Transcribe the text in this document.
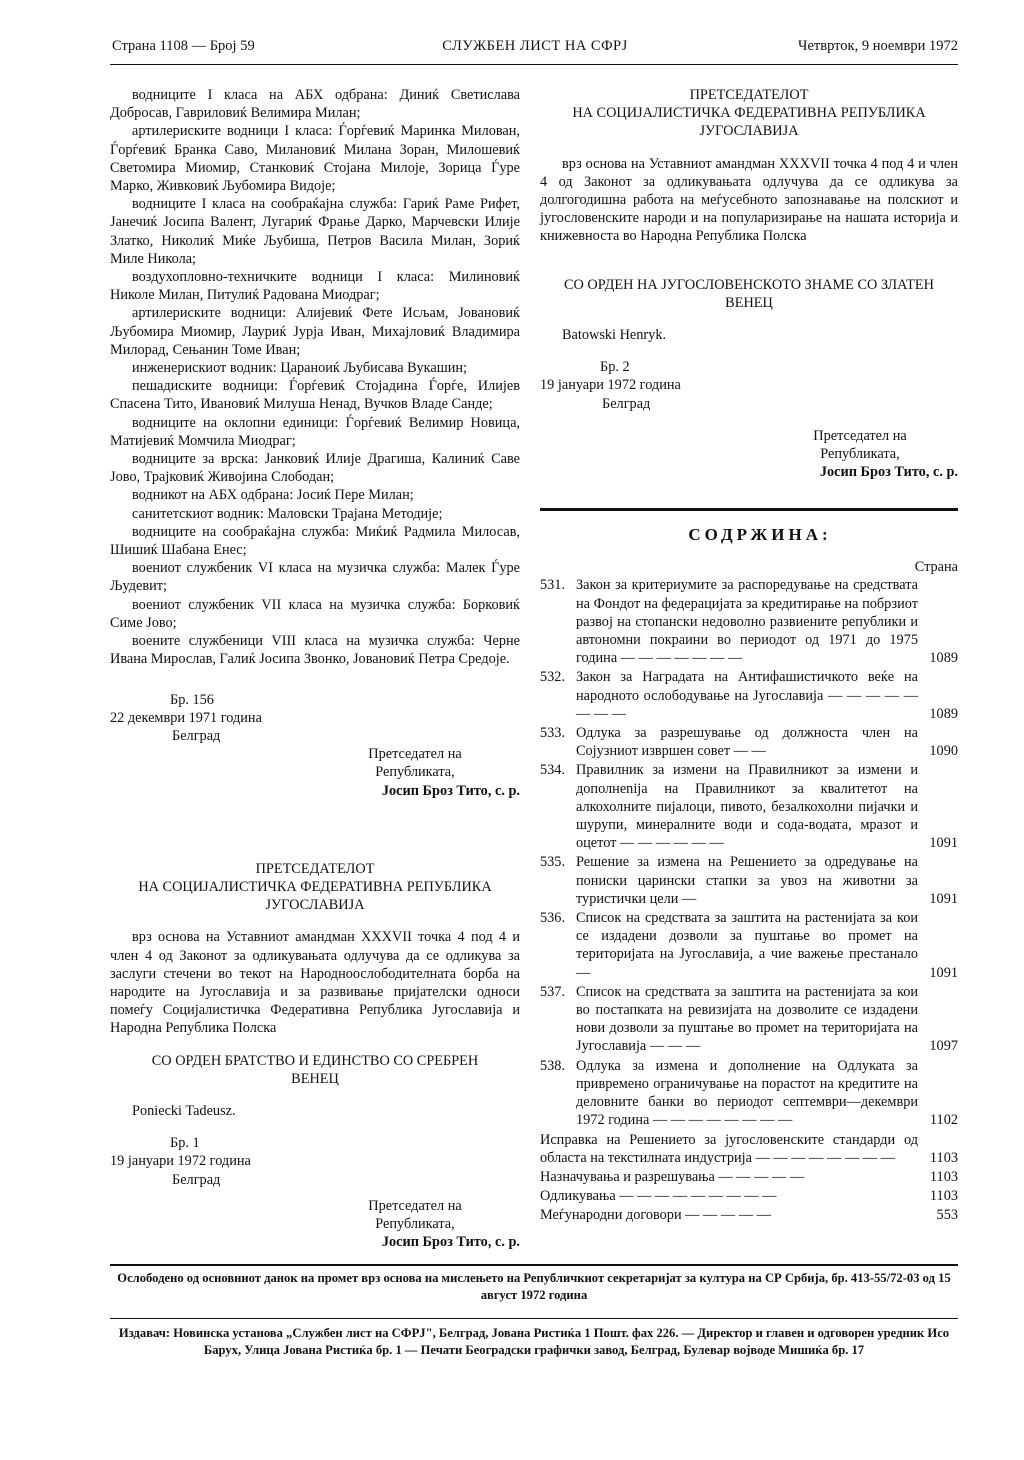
Страна 1108 — Број 59	СЛУЖБЕН ЛИСТ НА СФРЈ	Четврток, 9 ноември 1972

водниците I класа на АБХ одбрана: Диниќ Светислава Добросав, Гавриловиќ Велимира Милан;

артилериските водници I класа: Ѓорѓевиќ Маринка Милован, Ѓорѓевиќ Бранка Саво, Милановиќ Милана Зоран, Милошевиќ Светомира Миомир, Станковиќ Стојана Милоје, Зорица Ѓуре Марко, Живковиќ Љубомира Видоје;

водниците I класа на сообраќајна служба: Гариќ Раме Рифет, Јанечиќ Јосипа Валент, Лугариќ Фрање Дарко, Марчевски Илије Златко, Николиќ Миќе Љубиша, Петров Васила Милан, Зориќ Миле Никола;

воздухопловно-техничките водници I класа: Милиновиќ Николе Милан, Питулиќ Радована Миодраг;

артилериските водници: Алијевиќ Фете Исљам, Јовановиќ Љубомира Миомир, Лауриќ Јурја Иван, Михајловиќ Владимира Милорад, Сењанин Томе Иван;

инженерискиот водник: Цараноиќ Љубисава Вукашин;

пешадиските водници: Ѓорѓевиќ Стојадина Ѓорѓе, Илијев Спасена Тито, Ивановиќ Милуша Ненад, Вучков Владе Санде;

водниците на оклопни единици: Ѓорѓевиќ Велимир Новица, Матијевиќ Момчила Миодраг;

водниците за врска: Јанковиќ Илије Драгиша, Калиниќ Саве Јово, Трајковиќ Живојина Слободан;

водникот на АБХ одбрана: Јосиќ Пере Милан;

санитетскиот водник: Маловски Трајана Методије;

водниците на сообраќајна служба: Миќиќ Радмила Милосав, Шишиќ Шабана Енес;

воениот службеник VI класа на музичка служба: Малек Ѓуре Људевит;

воениот службеник VII класа на музичка служба: Борковиќ Симе Јово;

воените службеници VIII класа на музичка служба: Черне Ивана Мирослав, Галиќ Јосипа Звонко, Јовановиќ Петра Средоје.

Бр. 156

22 декември 1971 година

Белград

Претседател на

Републиката,

Јосип Броз Тито, с. р.

ПРЕТСЕДАТЕЛОТ

НА СОЦИЈАЛИСТИЧКА ФЕДЕРАТИВНА РЕПУБЛИКА ЈУГОСЛАВИЈА

врз основа на Уставниот амандман XXXVII точка 4 под 4 и член 4 од Законот за одликувањата одлучува да се одликува за заслуги стечени во текот на Народноослободителната борба на народите на Југославија и за развивање пријателски односи помеѓу Социјалистичка Федеративна Република Југославија и Народна Република Полска

СО ОРДЕН БРАТСТВО И ЕДИНСТВО СО СРЕБРЕН ВЕНЕЦ

Poniecki Tadeusz.

Бр. 1

19 јануари 1972 година

Белград

Претседател на

Републиката,

Јосип Броз Тито, с. р.

ПРЕТСЕДАТЕЛОТ

НА СОЦИЈАЛИСТИЧКА ФЕДЕРАТИВНА РЕПУБЛИКА ЈУГОСЛАВИЈА

врз основа на Уставниот амандман XXXVII точка 4 под 4 и член 4 од Законот за одликувањата одлучува да се одликува за долгогодишна работа на меѓусебното запознавање на полскиот и југословенските народи и на популаризирање на нашата историја и книжевноста во Народна Република Полска

СО ОРДЕН НА ЈУГОСЛОВЕНСКОТО ЗНАМЕ СО ЗЛАТЕН ВЕНЕЦ

Batowski Henryk.

Бр. 2

19 јануари 1972 година

Белград

Претседател на

Републиката,

Јосип Броз Тито, с. р.

СОДРЖИНА:

Страна

531. Закон за критериумите за распоредување на средствата на Фондот на федерацијата за кредитирање на побрзиот развој на стопански недоволно развиените републики и автономни покраини во периодот од 1971 до 1975 година — — — — — — —	1089
532. Закон за Наградата на Антифашистичкото веќе на народното ослободување на Југославија — — — — — — — —	1089
533. Одлука за разрешување од должноста член на Сојузниот извршен совет — —	1090
534. Правилник за измени на Правилникот за измени и дополнenija на Правилникот за квалитетот на алкохолните пијалоци, пивото, безалкохолни пијачки и шурупи, минералните води и сода-водата, мразот и оцетот — — — — — —	1091
535. Решение за измена на Решението за одредување на пониски царински стапки за увоз на животни за туристички цели —	1091
536. Список на средствата за заштита на растенијата за кои се издадени дозволи за пуштање во промет на територијата на Југославија, а чие важење престанало —	1091
537. Список на средствата за заштита на растенијата за кои во постапката на ревизијата на дозволите се издадени нови дозволи за пуштање во промет на територијата на Југославија — — —	1097
538. Одлука за измена и дополнение на Одлуката за привремено ограничување на порастот на кредитите на деловните банки во периодот септември—декември 1972 година — — — — — — — —	1102
Исправка на Решението за југословенските стандарди од областа на текстилната индустрија — — — — — — — —	1103
Назначувања и разрешувања — — — — —	1103
Одликувања — — — — — — — — —	1103
Меѓународни договори — — — — —	553
Ослободено од основниот данок на промет врз основа на мислењето на Републичкиот секретаријат за култура на СР Србија, бр. 413-55/72-03 од 15 август 1972 година
Издавач: Новинска установа „Службен лист на СФРЈ", Белград, Јована Ристиќа 1 Пошт. фах 226. — Директор и главен и одговорен уредник Исо Барух, Улица Јована Ристиќа бр. 1 — Печати Београдски графички завод, Белград, Булевар војводе Мишиќа бр. 17
